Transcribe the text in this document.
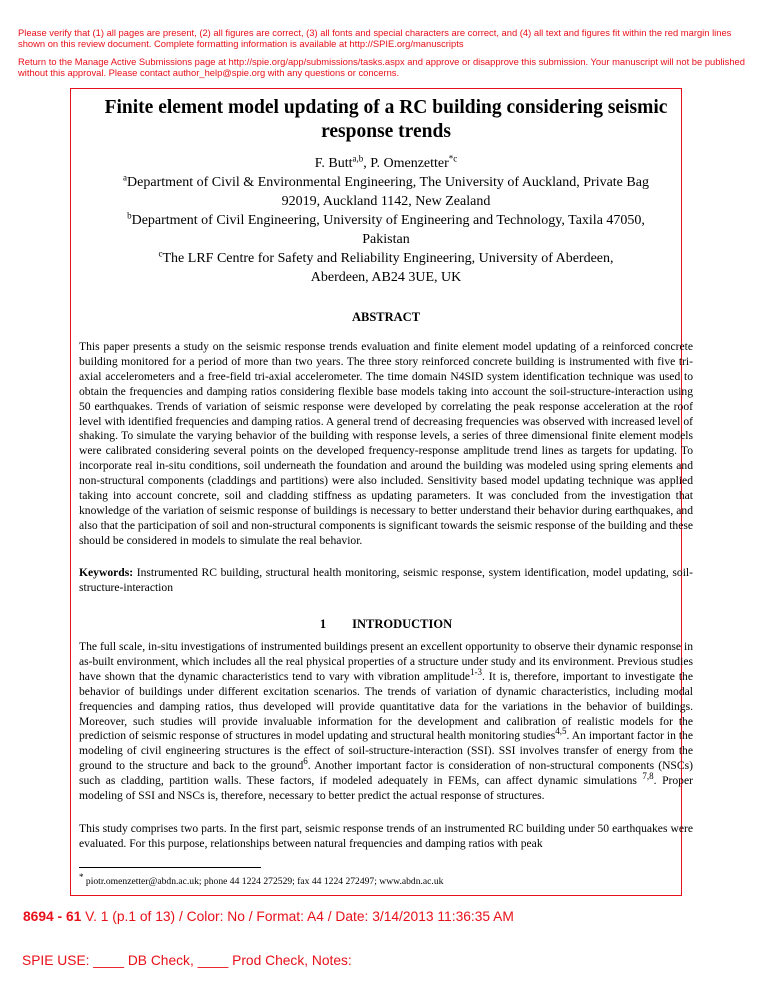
Please verify that (1) all pages are present, (2) all figures are correct, (3) all fonts and special characters are correct, and (4) all text and figures fit within the red margin lines shown on this review document. Complete formatting information is available at http://SPIE.org/manuscripts
Return to the Manage Active Submissions page at http://spie.org/app/submissions/tasks.aspx and approve or disapprove this submission. Your manuscript will not be published without this approval. Please contact author_help@spie.org with any questions or concerns.
Finite element model updating of a RC building considering seismic
response trends
F. Butt$^{a,b}$, P. Omenzetter$^{*c}$
$^a$Department of Civil & Environmental Engineering, The University of Auckland, Private Bag
92019, Auckland 1142, New Zealand
$^b$Department of Civil Engineering, University of Engineering and Technology, Taxila 47050,
Pakistan
$^c$The LRF Centre for Safety and Reliability Engineering, University of Aberdeen,
Aberdeen, AB24 3UE, UK
ABSTRACT
This paper presents a study on the seismic response trends evaluation and finite element model updating of a reinforced concrete building monitored for a period of more than two years. The three story reinforced concrete building is instrumented with five tri-axial accelerometers and a free-field tri-axial accelerometer. The time domain N4SID system identification technique was used to obtain the frequencies and damping ratios considering flexible base models taking into account the soil-structure-interaction using 50 earthquakes. Trends of variation of seismic response were developed by correlating the peak response acceleration at the roof level with identified frequencies and damping ratios. A general trend of decreasing frequencies was observed with increased level of shaking. To simulate the varying behavior of the building with response levels, a series of three dimensional finite element models were calibrated considering several points on the developed frequency-response amplitude trend lines as targets for updating. To incorporate real in-situ conditions, soil underneath the foundation and around the building was modeled using spring elements and non-structural components (claddings and partitions) were also included. Sensitivity based model updating technique was applied taking into account concrete, soil and cladding stiffness as updating parameters. It was concluded from the investigation that knowledge of the variation of seismic response of buildings is necessary to better understand their behavior during earthquakes, and also that the participation of soil and non-structural components is significant towards the seismic response of the building and these should be considered in models to simulate the real behavior.
Keywords: Instrumented RC building, structural health monitoring, seismic response, system identification, model updating, soil-structure-interaction
1 INTRODUCTION
The full scale, in-situ investigations of instrumented buildings present an excellent opportunity to observe their dynamic response in as-built environment, which includes all the real physical properties of a structure under study and its environment. Previous studies have shown that the dynamic characteristics tend to vary with vibration amplitude$^{1-3}$. It is, therefore, important to investigate the behavior of buildings under different excitation scenarios. The trends of variation of dynamic characteristics, including modal frequencies and damping ratios, thus developed will provide quantitative data for the variations in the behavior of buildings. Moreover, such studies will provide invaluable information for the development and calibration of realistic models for the prediction of seismic response of structures in model updating and structural health monitoring studies$^{4,5}$. An important factor in the modeling of civil engineering structures is the effect of soil-structure-interaction (SSI). SSI involves transfer of energy from the ground to the structure and back to the ground$^6$. Another important factor is consideration of non-structural components (NSCs) such as cladding, partition walls. These factors, if modeled adequately in FEMs, can affect dynamic simulations $^{7,8}$. Proper modeling of SSI and NSCs is, therefore, necessary to better predict the actual response of structures.
This study comprises two parts. In the first part, seismic response trends of an instrumented RC building under 50 earthquakes were evaluated. For this purpose, relationships between natural frequencies and damping ratios with peak
* piotr.omenzetter@abdn.ac.uk; phone 44 1224 272529; fax 44 1224 272497; www.abdn.ac.uk
8694 - 61 V. 1 (p.1 of 13) / Color: No / Format: A4 / Date: 3/14/2013 11:36:35 AM
SPIE USE: ____ DB Check, ____ Prod Check, Notes:
